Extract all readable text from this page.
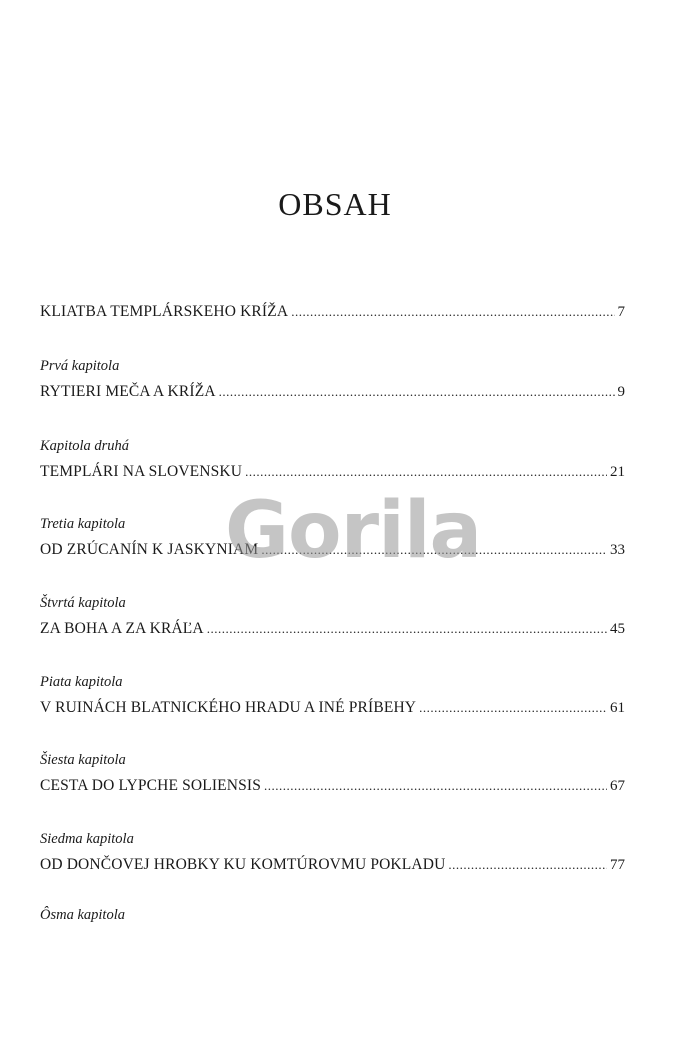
OBSAH
KLIATBA TEMPLÁRSKEHO KRÍŽA .....	7
Prvá kapitola
RYTIERI MEČA A KRÍŽA .....	9
Kapitola druhá
TEMPLÁRI NA SLOVENSKU .....	21
Tretia kapitola
OD ZRÚCANÍN K JASKYNIAM .....	33
Štvrtá kapitola
ZA BOHA A ZA KRÁĽA .....	45
Piata kapitola
V RUINÁCH BLATNICKÉHO HRADU A INÉ PRÍBEHY .....	61
Šiesta kapitola
CESTA DO LYPCHE SOLIENSIS .....	67
Siedma kapitola
OD DONČOVEJ HROBKY KU KOMTÚROVMU POKLADU .....	77
Ôsma kapitola
Gorila
